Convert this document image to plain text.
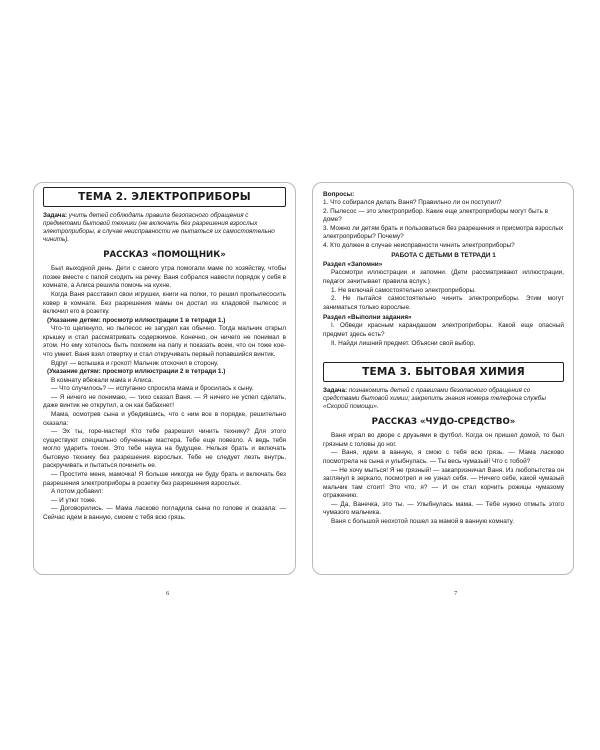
ТЕМА 2. ЭЛЕКТРОПРИБОРЫ
Задача: учить детей соблюдать правила безопасного обращения с предметами бытовой техники (не включать без разрешения взрослых электроприборы, в случае неисправности не пытаться их самостоятельно чинить).
РАССКАЗ «ПОМОЩНИК»

Был выходной день. Дети с самого утра помогали маме по хозяйству, чтобы позже вместе с папой сходить на речку. Ваня собрался навести порядок у себя в комнате, а Алиса решила помочь на кухне.

Когда Ваня расставил свои игрушки, книги на полки, то решил пропылесосить ковер в комнате. Без разрешения мамы он достал из кладовой пылесос и включил его в розетку.

(Указание детям: просмотр иллюстрации 1 в тетради 1.)

Что-то щелкнуло, но пылесос не загудел как обычно. Тогда мальчик открыл крышку и стал рассматривать содержимое. Конечно, он ничего не понимал в этом. Но ему хотелось быть похожим на папу и показать всем, что он тоже кое-что умеет. Ваня взял отвертку и стал откручивать первый попавшийся винтик.

Вдруг — вспышка и грохот! Мальчик отскочил в сторону.

(Указание детям: просмотр иллюстрации 2 в тетради 1.)

В комнату вбежали мама и Алиса.

— Что случилось? — испуганно спросила мама и бросилась к сыну.

— Я ничего не понимаю, — тихо сказал Ваня. — Я ничего не успел сделать, даже винтик не открутил, а он как бабахнет!

Мама, осмотрев сына и убедившись, что с ним все в порядке, решительно сказала:

— Эх ты, горе-мастер! Кто тебе разрешил чинить технику? Для этого существуют специально обученные мастера. Тебе еще повезло. А ведь тебя могло ударить током. Это тебе наука на будущее. Нельзя брать и включать бытовую технику без разрешения взрослых. Тебе не следует лезть внутрь, раскручивать и пытаться починить ее.

— Простите меня, мамочка! Я больше никогда не буду брать и включать без разрешения электроприборы в розетку без разрешения взрослых.

А потом добавил:

— И утюг тоже.

— Договорились. — Мама ласково погладила сына по голове и сказала: — Сейчас идем в ванную, смоем с тебя всю грязь.

6
Вопросы:
1. Что собирался делать Ваня? Правильно ли он поступил?
2. Пылесос — это электроприбор. Какие еще электроприборы могут быть в доме?
3. Можно ли детям брать и пользоваться без разрешения и присмотра взрослых электроприборы? Почему?
4. Кто должен в случае неисправности чинить электроприборы?
РАБОТА С ДЕТЬМИ В ТЕТРАДИ 1
Раздел «Запомни»

Рассмотри иллюстрации и запомни. (Дети рассматривают иллюстрации, педагог зачитывает правила вслух.)

1. Не включай самостоятельно электроприборы.

2. Не пытайся самостоятельно чинить электроприборы. Этим могут заниматься только взрослые.

Раздел «Выполни задания»

I. Обведи красным карандашом электроприборы. Какой еще опасный предмет здесь есть?

II. Найди лишний предмет. Объясни свой выбор.

ТЕМА 3. БЫТОВАЯ ХИМИЯ
Задача: познакомить детей с правилами безопасного обращения со средствами бытовой химии; закрепить знания номера телефона службы «Скорой помощи».
РАССКАЗ «ЧУДО-СРЕДСТВО»

Ваня играл во дворе с друзьями в футбол. Когда он пришел домой, то был грязным с головы до ног.

— Ваня, идем в ванную, я смою с тебя всю грязь. — Мама ласково посмотрела на сына и улыбнулась. — Ты весь чумазый! Что с тобой?

— Не хочу мыться! Я не грязный! — закапризничал Ваня. Из любопытства он заглянул в зеркало, посмотрел и не узнал себя. — Ничего себе, какой чумазый мальчик там стоит! Это что, я? — И он стал корчить рожицы чумазому отражению.

— Да, Ванечка, это ты. — Улыбнулась мама. — Тебе нужно отмыть этого чумазого мальчика.

Ваня с большой неохотой пошел за мамой в ванную комнату.

7
